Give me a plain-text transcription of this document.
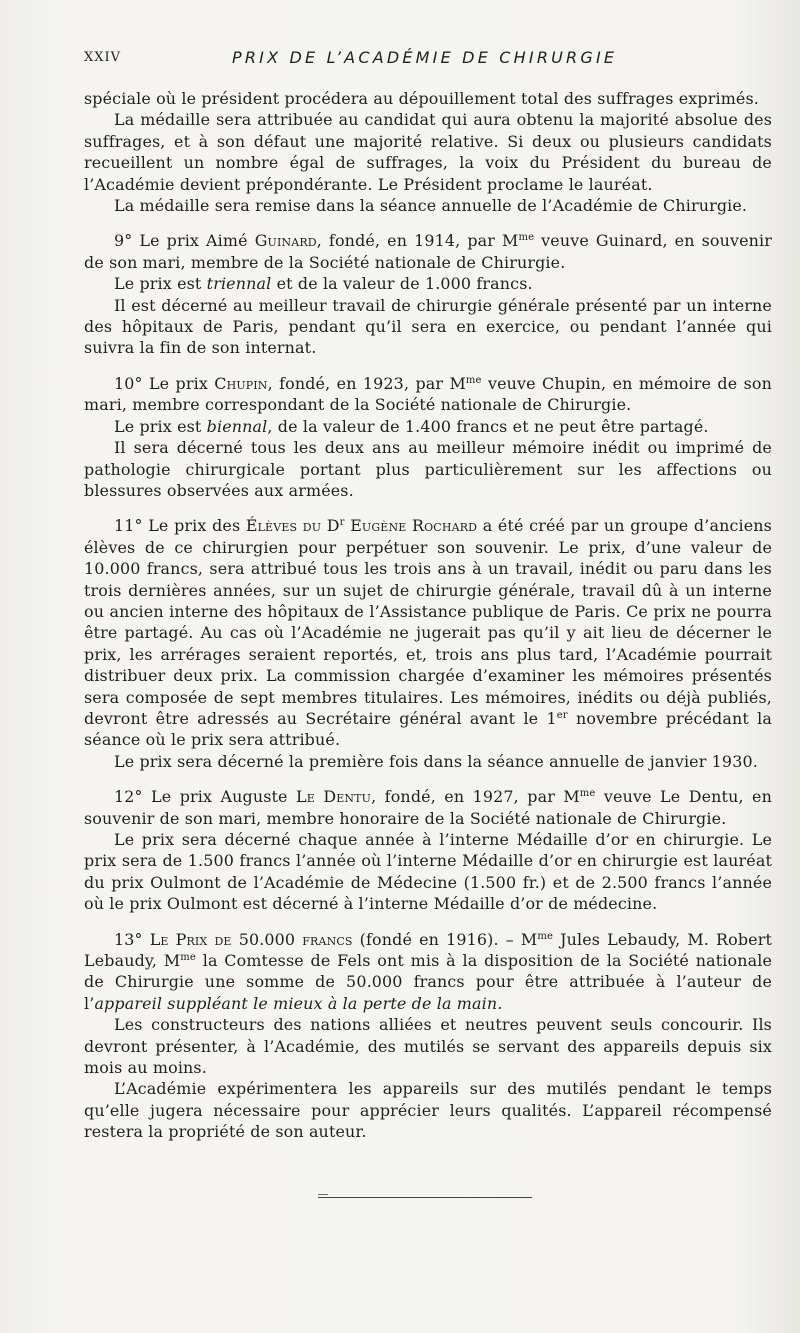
XXIV	PRIX DE L’ACADÉMIE DE CHIRURGIE

spéciale où le président procédera au dépouillement total des suffrages exprimés.

La médaille sera attribuée au candidat qui aura obtenu la majorité absolue des suffrages, et à son défaut une majorité relative. Si deux ou plusieurs candidats recueillent un nombre égal de suffrages, la voix du Président du bureau de l’Académie devient prépondérante. Le Président proclame le lauréat.

La médaille sera remise dans la séance annuelle de l’Académie de Chirurgie.

9° Le prix Aimé Guinard, fondé, en 1914, par $M^{me}$ veuve Guinard, en souvenir de son mari, membre de la Société nationale de Chirurgie.

Le prix est triennal et de la valeur de 1.000 francs.

Il est décerné au meilleur travail de chirurgie générale présenté par un interne des hôpitaux de Paris, pendant qu’il sera en exercice, ou pendant l’année qui suivra la fin de son internat.

10° Le prix Chupin, fondé, en 1923, par $M^{me}$ veuve Chupin, en mémoire de son mari, membre correspondant de la Société nationale de Chirurgie.

Le prix est biennal, de la valeur de 1.400 francs et ne peut être partagé.

Il sera décerné tous les deux ans au meilleur mémoire inédit ou imprimé de pathologie chirurgicale portant plus particulièrement sur les affections ou blessures observées aux armées.

11° Le prix des Élèves du $D^r$ Eugène Rochard a été créé par un groupe d’anciens élèves de ce chirurgien pour perpétuer son souvenir. Le prix, d’une valeur de 10.000 francs, sera attribué tous les trois ans à un travail, inédit ou paru dans les trois dernières années, sur un sujet de chirurgie générale, travail dû à un interne ou ancien interne des hôpitaux de l’Assistance publique de Paris. Ce prix ne pourra être partagé. Au cas où l’Académie ne jugerait pas qu’il y ait lieu de décerner le prix, les arrérages seraient reportés, et, trois ans plus tard, l’Académie pourrait distribuer deux prix. La commission chargée d’examiner les mémoires présentés sera composée de sept membres titulaires. Les mémoires, inédits ou déjà publiés, devront être adressés au Secrétaire général avant le 1er novembre précédant la séance où le prix sera attribué.

Le prix sera décerné la première fois dans la séance annuelle de janvier 1930.

12° Le prix Auguste Le Dentu, fondé, en 1927, par $M^{me}$ veuve Le Dentu, en souvenir de son mari, membre honoraire de la Société nationale de Chirurgie.

Le prix sera décerné chaque année à l’interne Médaille d’or en chirurgie. Le prix sera de 1.500 francs l’année où l’interne Médaille d’or en chirurgie est lauréat du prix Oulmont de l’Académie de Médecine (1.500 fr.) et de 2.500 francs l’année où le prix Oulmont est décerné à l’interne Médaille d’or de médecine.

13° Le Prix de 50.000 francs (fondé en 1916). – $M^{me}$ Jules Lebaudy, M. Robert Lebaudy, $M^{me}$ la Comtesse de Fels ont mis à la disposition de la Société nationale de Chirurgie une somme de 50.000 francs pour être attribuée à l’auteur de l’appareil suppléant le mieux à la perte de la main.

Les constructeurs des nations alliées et neutres peuvent seuls concourir. Ils devront présenter, à l’Académie, des mutilés se servant des appareils depuis six mois au moins.

L’Académie expérimentera les appareils sur des mutilés pendant le temps qu’elle jugera nécessaire pour apprécier leurs qualités. L’appareil récompensé restera la propriété de son auteur.
